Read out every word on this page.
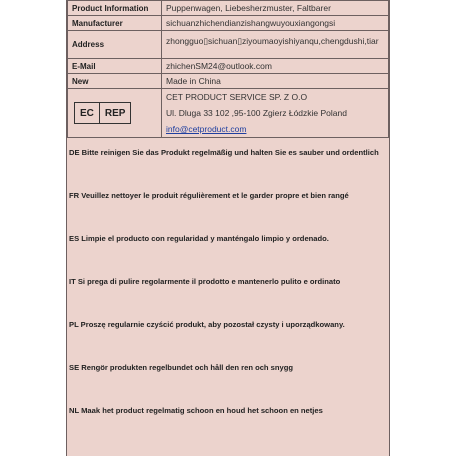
Product Information	Puppenwagen, Liebesherzmuster, Faltbarer
Manufacturer	sichuanzhichendianzishangwuyouxiangongsi
Address	zhongguo▯sichuan▯ziyoumaoyishiyanqu,chengdushi,tiar
E-Mail	zhichenSM24@outlook.com
New	Made in China

EC REP	CET PRODUCT SERVICE SP. Z O.O
Ul. Dluga 33 102 ,95-100 Zgierz Łódzkie Poland
info@cetproduct.com
DE Bitte reinigen Sie das Produkt regelmäßig und halten Sie es sauber und ordentlich
FR Veuillez nettoyer le produit régulièrement et le garder propre et bien rangé
ES Limpie el producto con regularidad y manténgalo limpio y ordenado.
IT Si prega di pulire regolarmente il prodotto e mantenerlo pulito e ordinato
PL Proszę regularnie czyścić produkt, aby pozostał czysty i uporządkowany.
SE Rengör produkten regelbundet och håll den ren och snygg
NL Maak het product regelmatig schoon en houd het schoon en netjes
